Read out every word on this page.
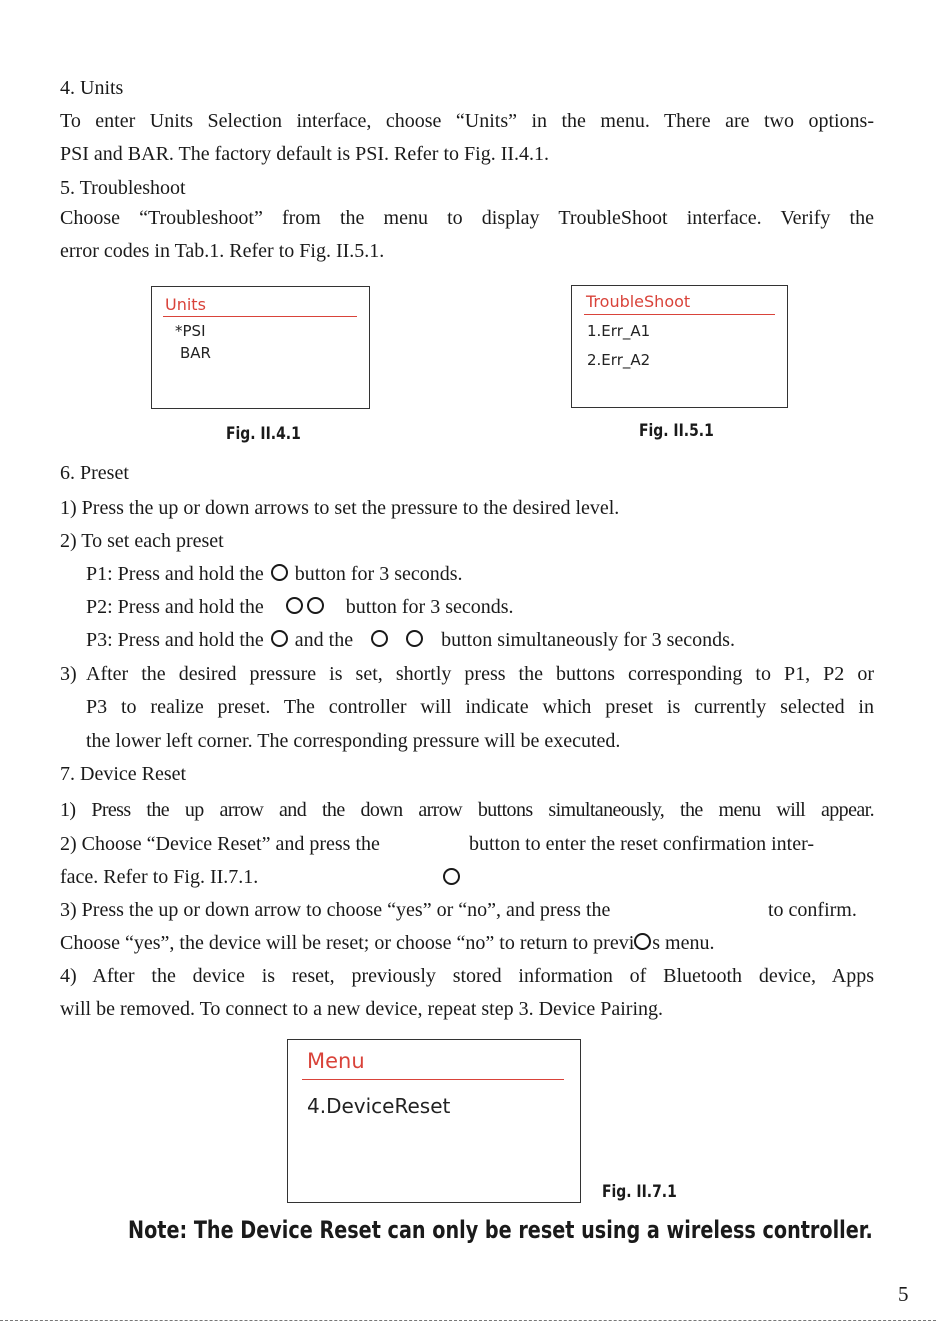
4. Units
To enter Units Selection interface, choose “Units” in the menu. There are two options-
PSI and BAR. The factory default is PSI. Refer to Fig. II.4.1.
5. Troubleshoot
Choose “Troubleshoot” from the menu to display TroubleShoot interface. Verify the
error codes in Tab.1. Refer to Fig. II.5.1.
Units
*PSI
BAR
Fig. II.4.1
TroubleShoot
1.Err_A1
2.Err_A2
Fig. II.5.1
6. Preset
1) Press the up or down arrows to set the pressure to the desired level.
2) To set each preset
P1: Press and hold the button for 3 seconds.
P2: Press and hold the	button for 3 seconds.
P3: Press and hold the and the	button simultaneously for 3 seconds.
3) After the desired pressure is set, shortly press the buttons corresponding to P1, P2 or
P3 to realize preset. The controller will indicate which preset is currently selected in
the lower left corner. The corresponding pressure will be executed.
7. Device Reset
1) Press the up arrow and the down arrow buttons simultaneously, the menu will appear.
2) Choose “Device Reset” and press the	button to enter the reset confirmation inter-
face. Refer to Fig. II.7.1.
3) Press the up or down arrow to choose “yes” or “no”, and press the	to confirm.
Choose “yes”, the device will be reset; or choose “no” to return to previ s menu.
4) After the device is reset, previously stored information of Bluetooth device, Apps
will be removed. To connect to a new device, repeat step 3. Device Pairing.
Menu
4.DeviceReset
Fig. II.7.1
Note: The Device Reset can only be reset using a wireless controller.
5
